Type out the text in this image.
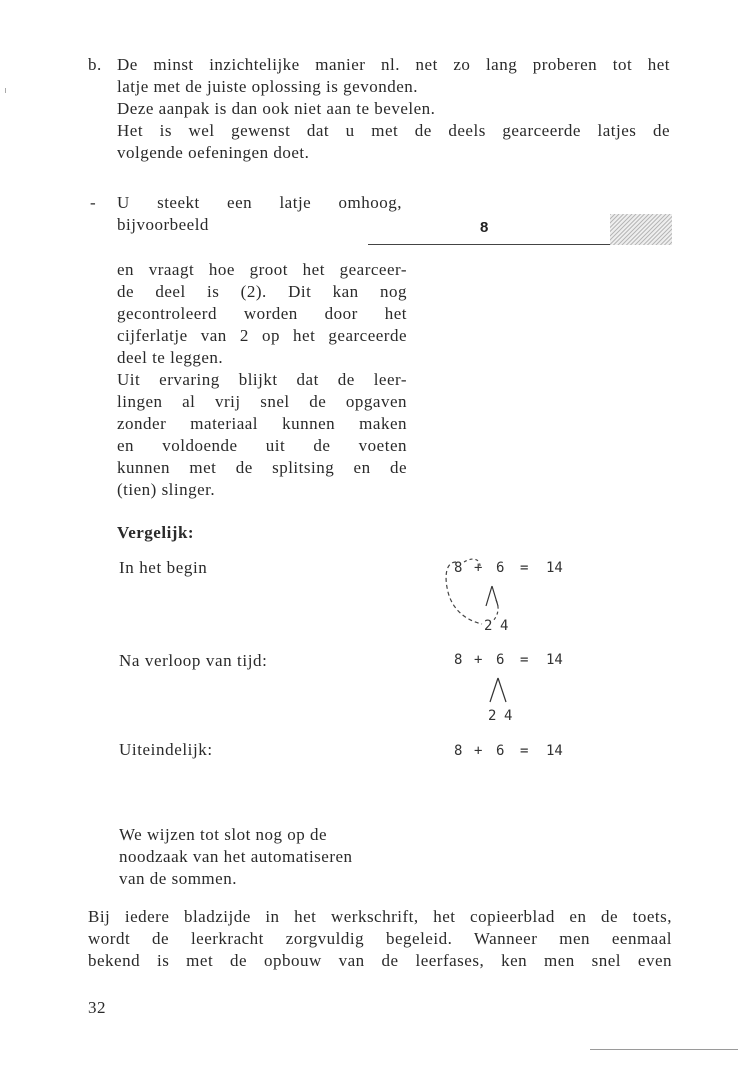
b. De minst inzichtelijke manier nl. net zo lang proberen tot het
latje met de juiste oplossing is gevonden.
Deze aanpak is dan ook niet aan te bevelen.
Het is wel gewenst dat u met de deels gearceerde latjes de
volgende oefeningen doet.
- U steekt een latje omhoog,
bijvoorbeeld	8
en vraagt hoe groot het gearceer-
de deel is (2). Dit kan nog
gecontroleerd worden door het
cijferlatje van 2 op het gearceerde
deel te leggen.
Uit ervaring blijkt dat de leer-
lingen al vrij snel de opgaven
zonder materiaal kunnen maken
en voldoende uit de voeten
kunnen met de splitsing en de
(tien) slinger.
Vergelijk:
In het begin	8 + 6 = 14
2 4
Na verloop van tijd:	8 + 6 = 14
2 4
Uiteindelijk:	8 + 6 = 14
We wijzen tot slot nog op de
noodzaak van het automatiseren
van de sommen.
Bij iedere bladzijde in het werkschrift, het copieerblad en de toets,
wordt de leerkracht zorgvuldig begeleid. Wanneer men eenmaal
bekend is met de opbouw van de leerfases, ken men snel even
32
